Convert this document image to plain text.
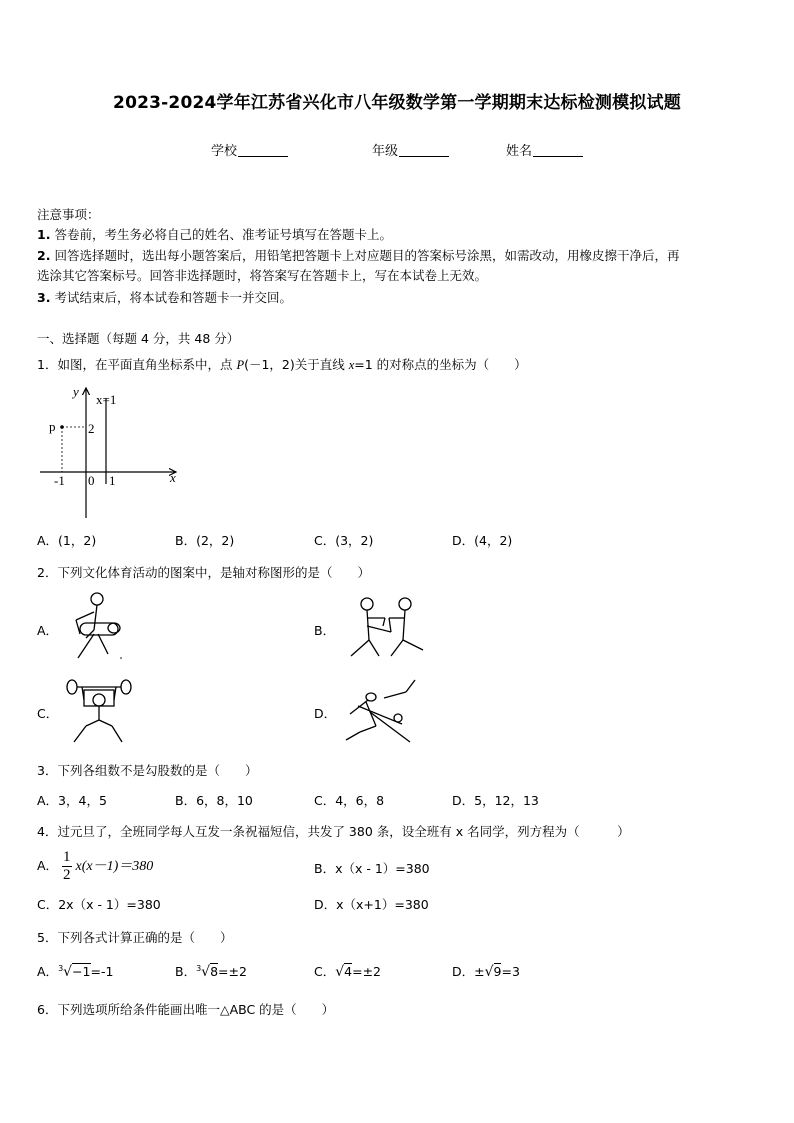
2023-2024学年江苏省兴化市八年级数学第一学期期末达标检测模拟试题
学校	年级	姓名
注意事项：
1. 答卷前，考生务必将自己的姓名、准考证号填写在答题卡上。
2. 回答选择题时，选出每小题答案后，用铅笔把答题卡上对应题目的答案标号涂黑，如需改动，用橡皮擦干净后，再
选涂其它答案标号。回答非选择题时，将答案写在答题卡上，写在本试卷上无效。
3. 考试结束后，将本试卷和答题卡一并交回。
一、选择题（每题 4 分，共 48 分）
1．如图，在平面直角坐标系中，点 P(－1，2)关于直线 x=1 的对称点的坐标为（　　）
y
x
x=1
p	2
-1 0 1
A．(1，2)	B．(2，2)	C．(3，2)	D．(4，2)
2．下列文化体育活动的图案中，是轴对称图形的是（　　）
A．	B．
C．	D．
3．下列各组数不是勾股数的是（　　）
A．3，4，5	B．6，8，10	C．4，6，8	D．5，12，13
4．过元旦了，全班同学每人互发一条祝福短信，共发了 380 条，设全班有 x 名同学，列方程为（　　　）
A． $\frac{1}{2} x(x-1)=380$	B．x（x - 1）=380
C．2x（x - 1）=380	D．x（x+1）=380
5．下列各式计算正确的是（　　）
A．$^3$√−1=-1	B．$^3$√8=±2	C．√4=±2	D．±√9=3
6．下列选项所给条件能画出唯一△ABC 的是（　　）
